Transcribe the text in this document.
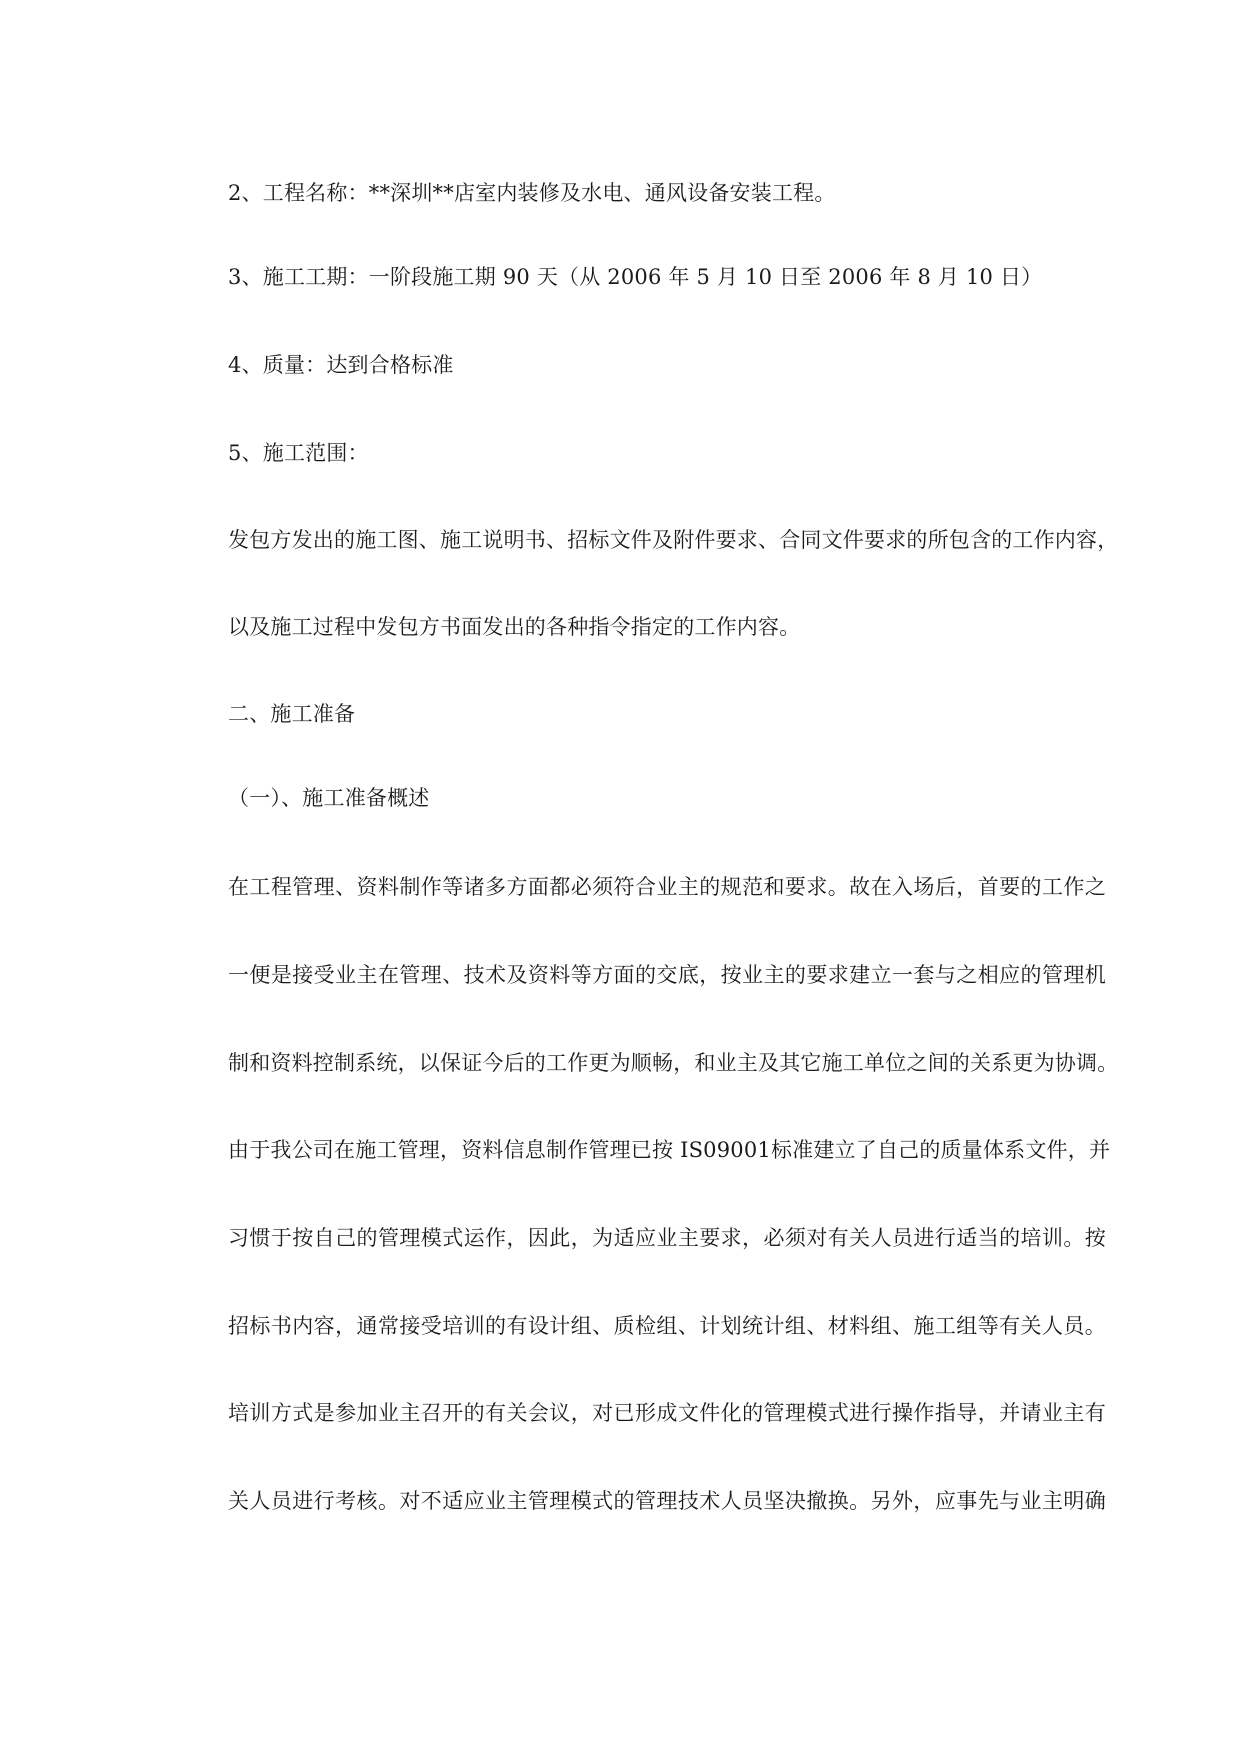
2、工程名称：**深圳**店室内装修及水电、通风设备安装工程。
3、施工工期：一阶段施工期 90 天（从 2006 年 5 月 10 日至 2006 年 8 月 10 日）
4、质量：达到合格标准
5、施工范围：
发包方发出的施工图、施工说明书、招标文件及附件要求、合同文件要求的所包含的工作内容，
以及施工过程中发包方书面发出的各种指令指定的工作内容。
二、施工准备
（一）、施工准备概述
在工程管理、资料制作等诸多方面都必须符合业主的规范和要求。故在入场后，首要的工作之
一便是接受业主在管理、技术及资料等方面的交底，按业主的要求建立一套与之相应的管理机
制和资料控制系统，以保证今后的工作更为顺畅，和业主及其它施工单位之间的关系更为协调。
由于我公司在施工管理，资料信息制作管理已按 IS09001标准建立了自己的质量体系文件，并
习惯于按自己的管理模式运作，因此，为适应业主要求，必须对有关人员进行适当的培训。按
招标书内容，通常接受培训的有设计组、质检组、计划统计组、材料组、施工组等有关人员。
培训方式是参加业主召开的有关会议，对已形成文件化的管理模式进行操作指导，并请业主有
关人员进行考核。对不适应业主管理模式的管理技术人员坚决撤换。另外，应事先与业主明确
